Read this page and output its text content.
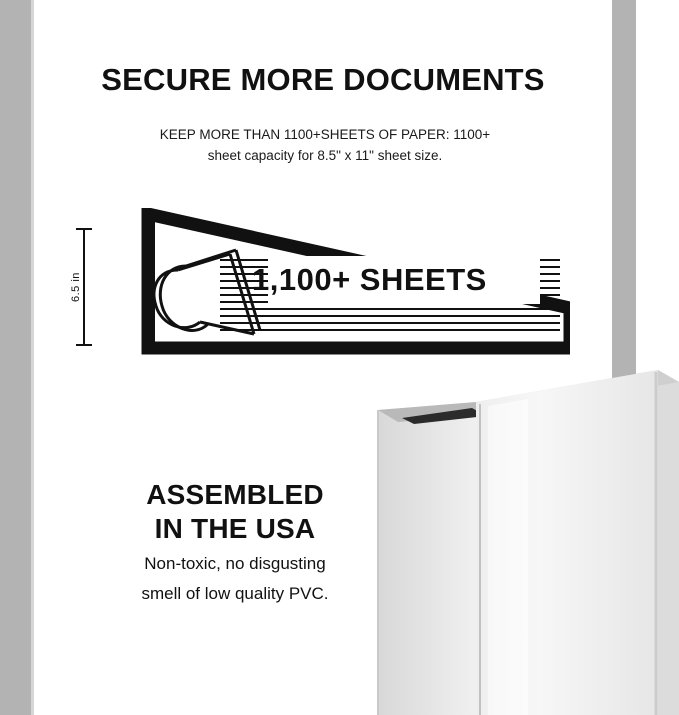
SECURE MORE DOCUMENTS
KEEP MORE THAN 1100+SHEETS OF PAPER: 1100+
sheet capacity for 8.5" x 11" sheet size.
6.5 in	1,100+ SHEETS
ASSEMBLED
IN THE USA
Non-toxic, no disgusting
smell of low quality PVC.
